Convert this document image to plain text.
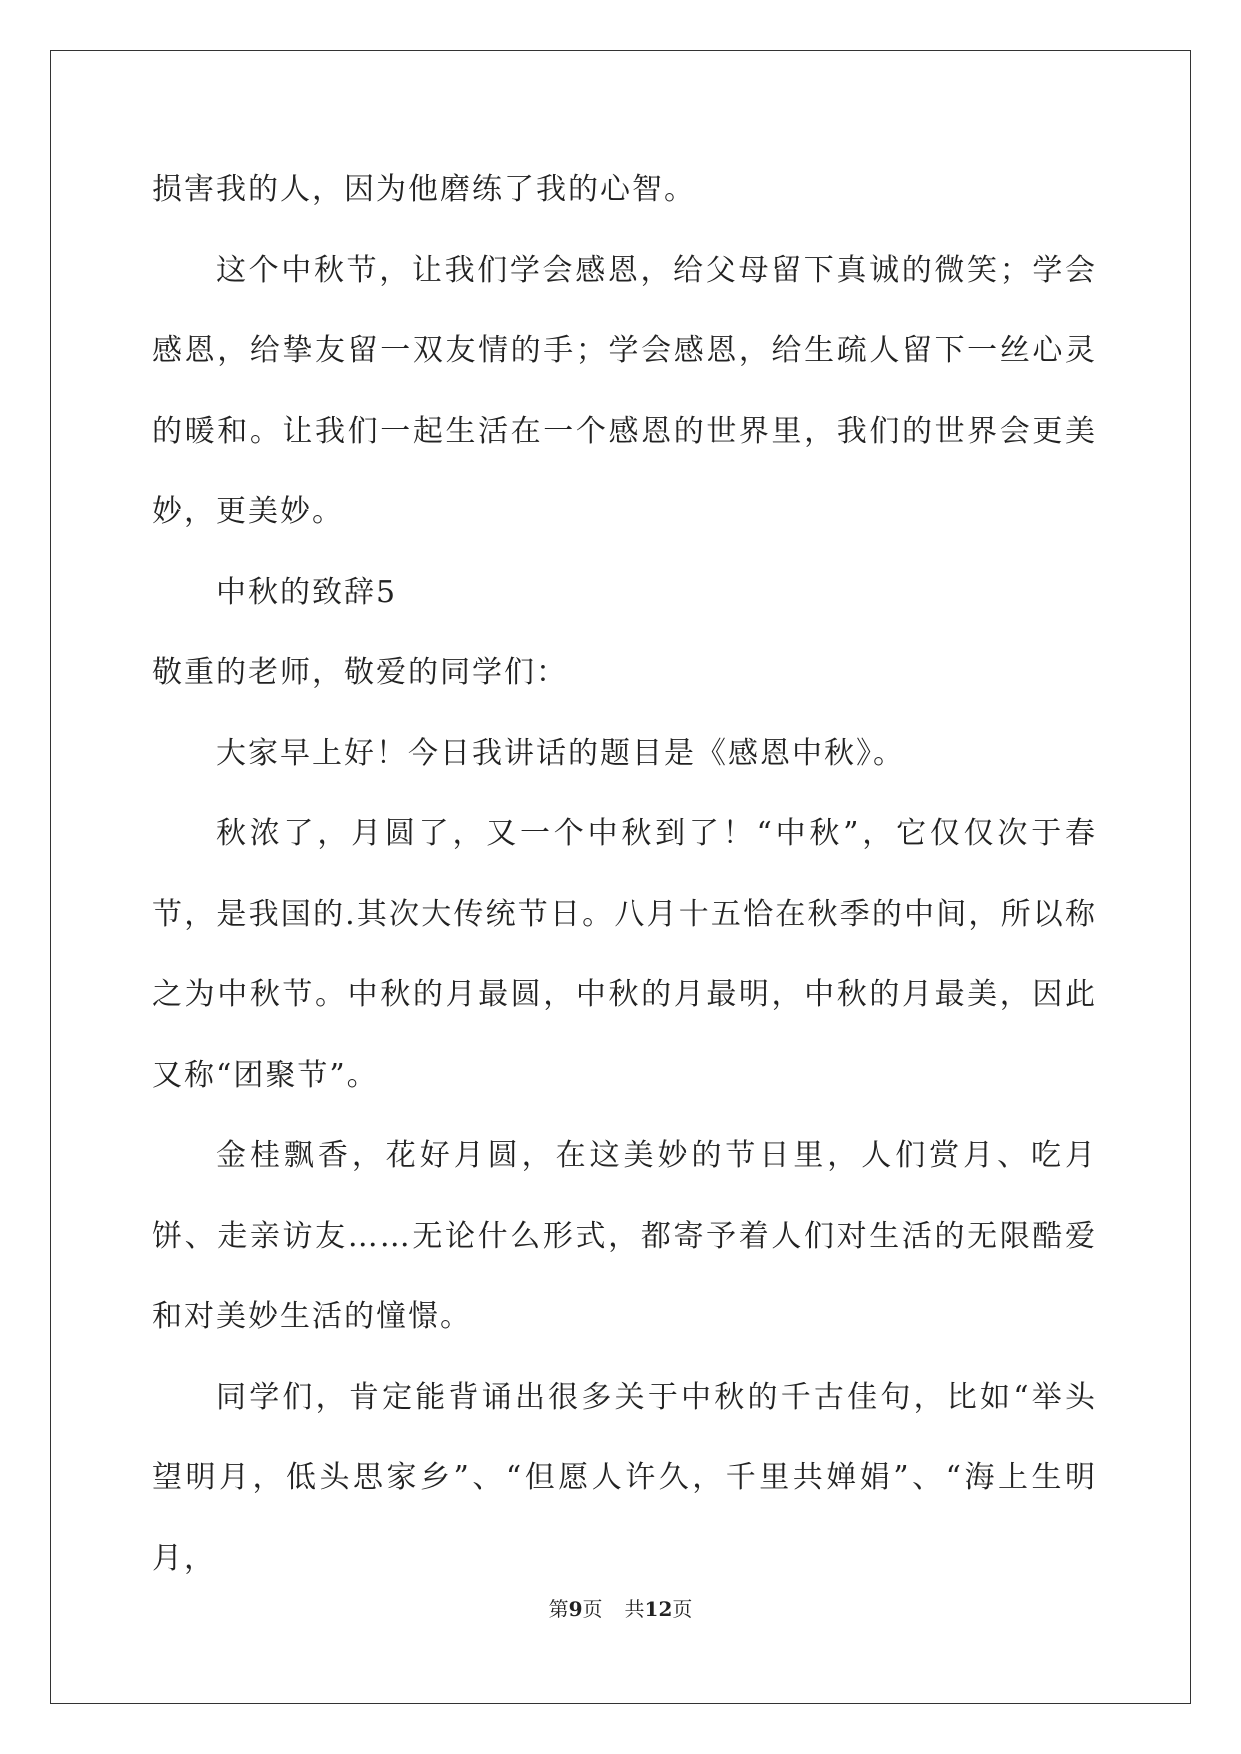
损害我的人，因为他磨练了我的心智。

这个中秋节，让我们学会感恩，给父母留下真诚的微笑；学会感恩，给挚友留一双友情的手；学会感恩，给生疏人留下一丝心灵的暖和。让我们一起生活在一个感恩的世界里，我们的世界会更美妙，更美妙。

中秋的致辞5

敬重的老师，敬爱的同学们：

大家早上好！今日我讲话的题目是《感恩中秋》。

秋浓了，月圆了，又一个中秋到了！“中秋”，它仅仅次于春节，是我国的.其次大传统节日。八月十五恰在秋季的中间，所以称之为中秋节。中秋的月最圆，中秋的月最明，中秋的月最美，因此又称“团聚节”。

金桂飘香，花好月圆，在这美妙的节日里，人们赏月、吃月饼、走亲访友……无论什么形式，都寄予着人们对生活的无限酷爱和对美妙生活的憧憬。

同学们，肯定能背诵出很多关于中秋的千古佳句，比如“举头望明月，低头思家乡”、“但愿人许久，千里共婵娟”、“海上生明月，

第9页 共12页
